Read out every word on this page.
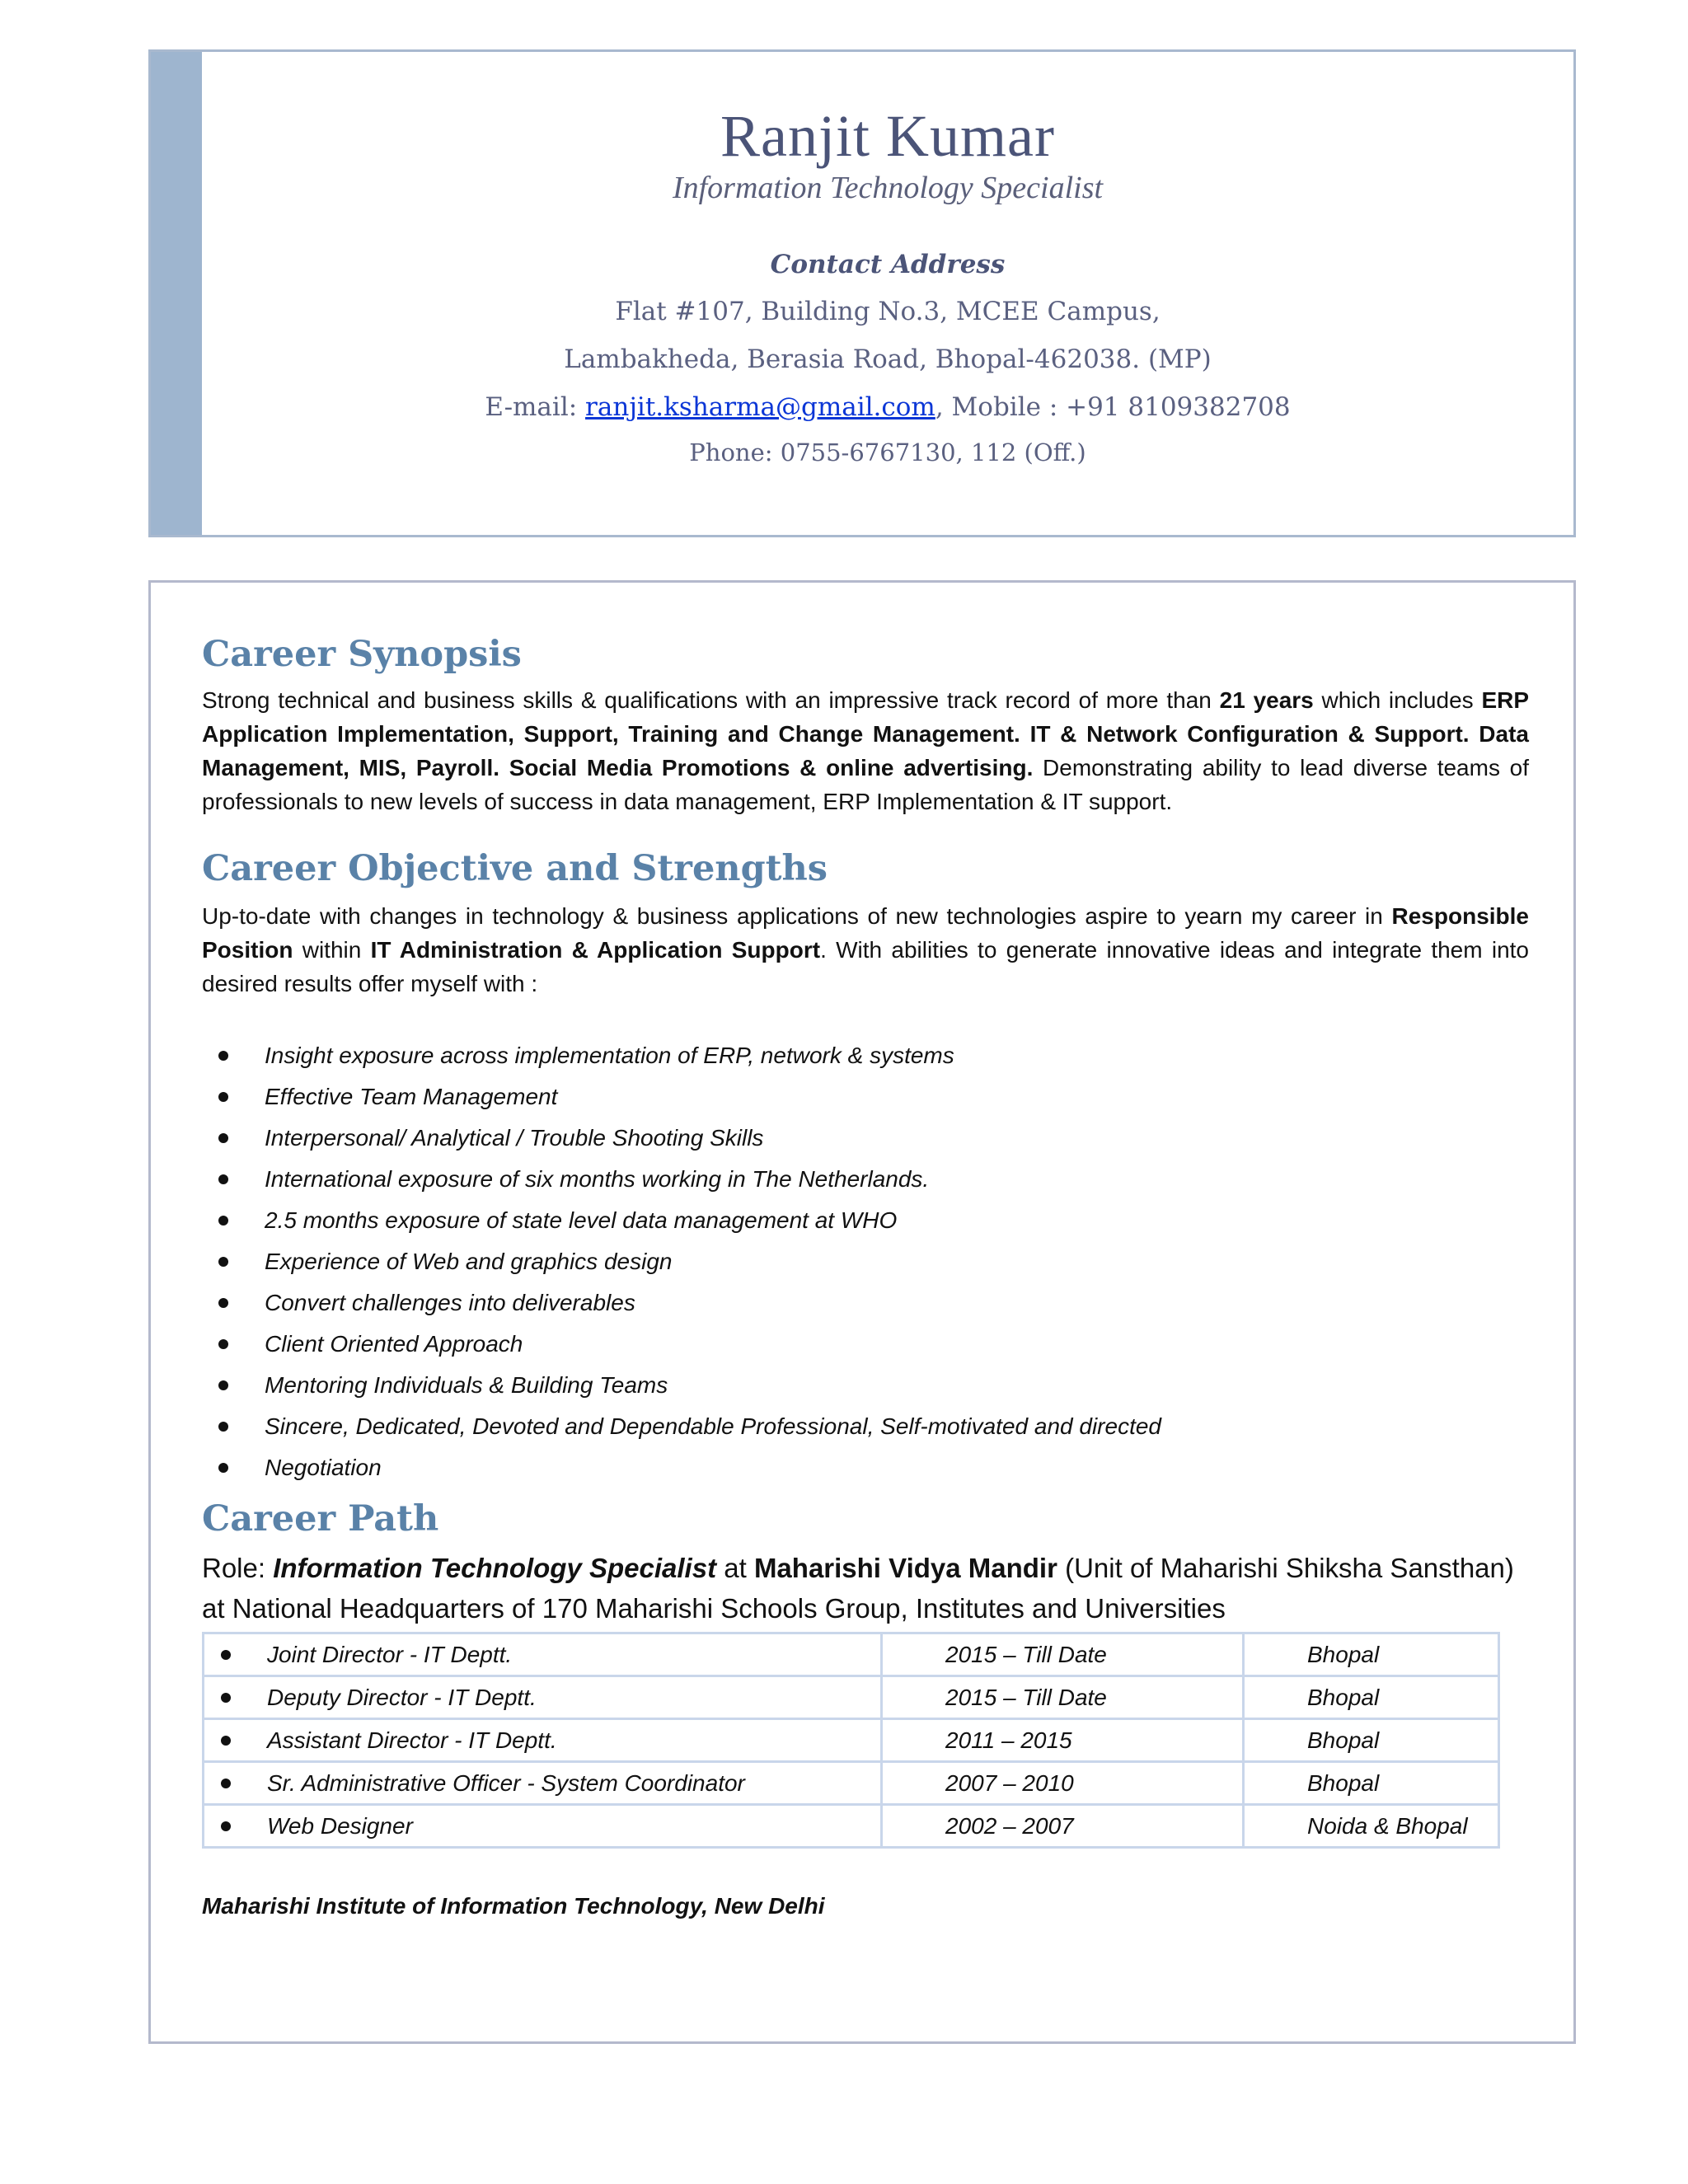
Ranjit Kumar
Information Technology Specialist
Contact Address
Flat #107, Building No.3, MCEE Campus,
Lambakheda, Berasia Road, Bhopal-462038. (MP)
E-mail: ranjit.ksharma@gmail.com, Mobile : +91 8109382708
Phone: 0755-6767130, 112 (Off.)
Career Synopsis

Strong technical and business skills & qualifications with an impressive track record of more than 21 years which includes ERP Application Implementation, Support, Training and Change Management. IT & Network Configuration & Support. Data Management, MIS, Payroll. Social Media Promotions & online advertising. Demonstrating ability to lead diverse teams of professionals to new levels of success in data management, ERP Implementation & IT support.

Career Objective and Strengths

Up-to-date with changes in technology & business applications of new technologies aspire to yearn my career in Responsible Position within IT Administration & Application Support. With abilities to generate innovative ideas and integrate them into desired results offer myself with :

Insight exposure across implementation of ERP, network & systems
Effective Team Management
Interpersonal/ Analytical / Trouble Shooting Skills
International exposure of six months working in The Netherlands.
2.5 months exposure of state level data management at WHO
Experience of Web and graphics design
Convert challenges into deliverables
Client Oriented Approach
Mentoring Individuals & Building Teams
Sincere, Dedicated, Devoted and Dependable Professional, Self-motivated and directed
Negotiation
Career Path
Role: Information Technology Specialist at Maharishi Vidya Mandir (Unit of Maharishi Shiksha Sansthan) at National Headquarters of 170 Maharishi Schools Group, Institutes and Universities
Joint Director - IT Deptt.	2015 – Till Date	Bhopal

Deputy Director - IT Deptt.	2015 – Till Date	Bhopal

Assistant Director - IT Deptt.	2011 – 2015	Bhopal

Sr. Administrative Officer - System Coordinator	2007 – 2010	Bhopal

Web Designer	2002 – 2007	Noida & Bhopal
Maharishi Institute of Information Technology, New Delhi
